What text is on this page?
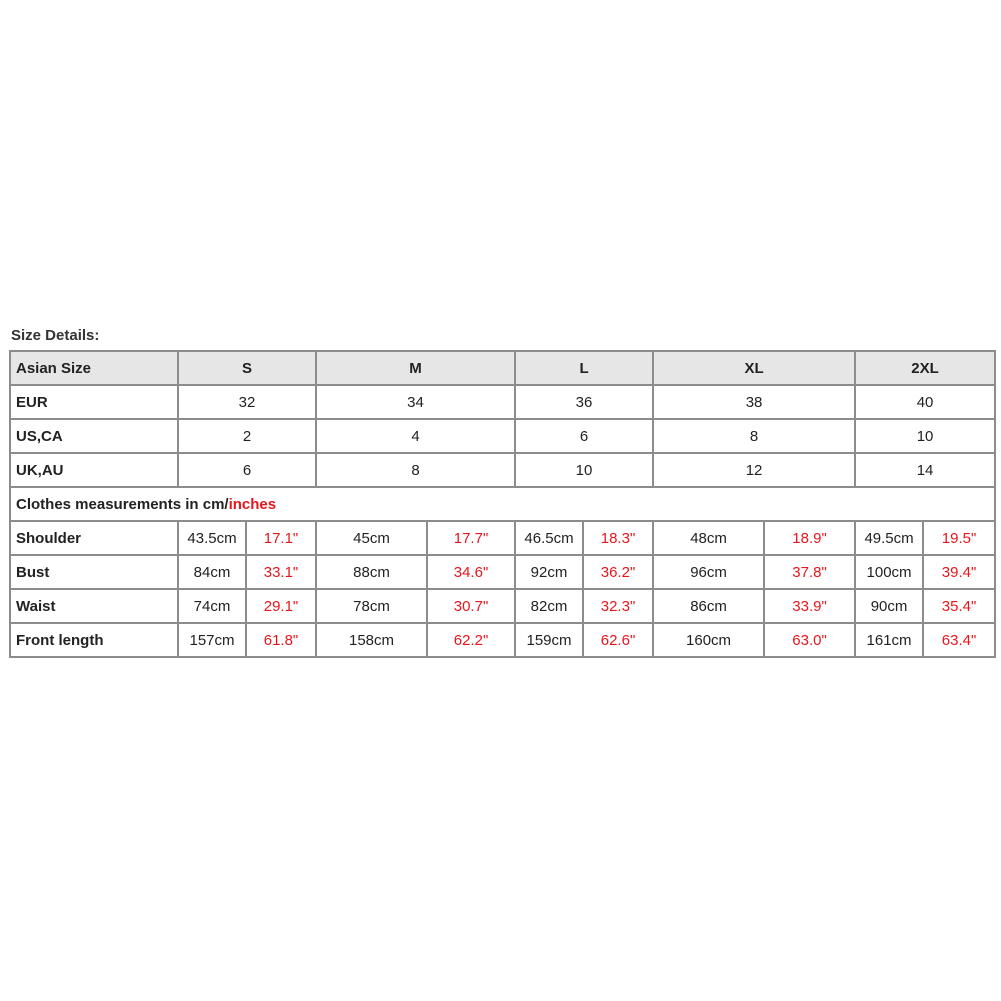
Size Details:

Asian Size	S		M		L		XL		2XL	
EUR	32		34		36		38		40	
US,CA	2		4		6		8		10	
UK,AU	6		8		10		12		14	
Clothes measurements in cm/inches										
Shoulder	43.5cm	17.1"	45cm	17.7"	46.5cm	18.3"	48cm	18.9"	49.5cm	19.5"
Bust	84cm	33.1"	88cm	34.6"	92cm	36.2"	96cm	37.8"	100cm	39.4"
Waist	74cm	29.1"	78cm	30.7"	82cm	32.3"	86cm	33.9"	90cm	35.4"
Front length	157cm	61.8"	158cm	62.2"	159cm	62.6"	160cm	63.0"	161cm	63.4"
